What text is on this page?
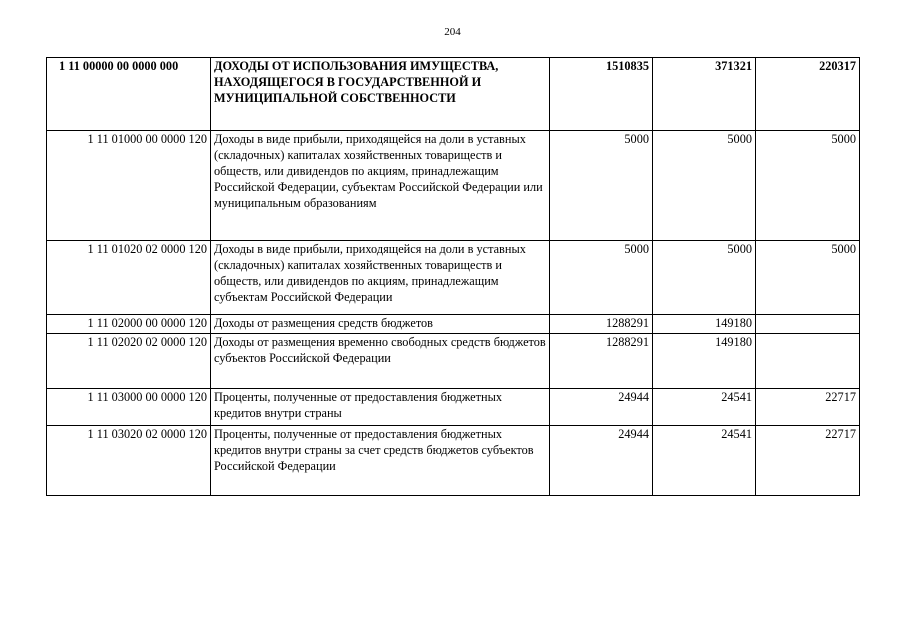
204
1 11 00000 00 0000 000	ДОХОДЫ ОТ ИСПОЛЬЗОВАНИЯ ИМУЩЕСТВА, НАХОДЯЩЕГОСЯ В ГОСУДАРСТВЕННОЙ И МУНИЦИПАЛЬНОЙ СОБСТВЕННОСТИ	1510835	371321	220317
1 11 01000 00 0000 120	Доходы в виде прибыли, приходящейся на доли в уставных (складочных) капиталах хозяйственных товариществ и обществ, или дивидендов по акциям, принадлежащим Российской Федерации, субъектам Российской Федерации или муниципальным образованиям	5000	5000	5000
1 11 01020 02 0000 120	Доходы в виде прибыли, приходящейся на доли в уставных (складочных) капиталах хозяйственных товариществ и обществ, или дивидендов по акциям, принадлежащим субъектам Российской Федерации	5000	5000	5000
1 11 02000 00 0000 120	Доходы от размещения средств бюджетов	1288291	149180	
1 11 02020 02 0000 120	Доходы от размещения временно свободных средств бюджетов субъектов Российской Федерации	1288291	149180	
1 11 03000 00 0000 120	Проценты, полученные от предоставления бюджетных кредитов внутри страны	24944	24541	22717
1 11 03020 02 0000 120	Проценты, полученные от предоставления бюджетных кредитов внутри страны за счет средств бюджетов субъектов Российской Федерации	24944	24541	22717
